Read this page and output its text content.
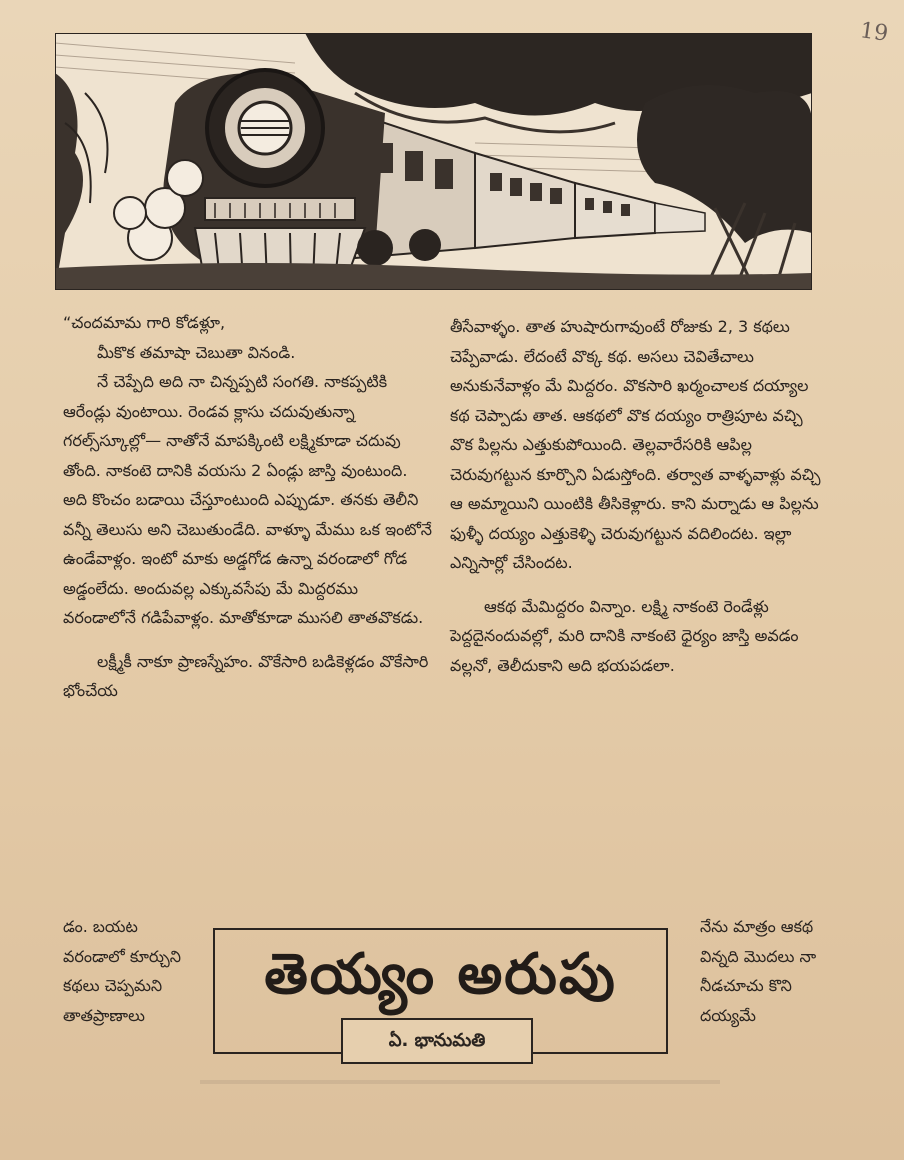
19

“చందమామ గారి కోడళ్లూ,

మీకొక తమాషా చెబుతా వినండి.

నే చెప్పేది అది నా చిన్నప్పటి సంగతి. నాకప్పటికి ఆరేండ్లు వుంటాయి. రెండవ క్లాసు చదువుతున్నా గరల్స్‌స్కూల్లో— నాతోనే మాపక్కింటి లక్ష్మికూడా చదువు తోంది. నాకంటె దానికి వయసు 2 ఏండ్లు జాస్తి వుంటుంది. అది కొంచం బడాయి చేస్తూంటుంది ఎప్పుడూ. తనకు తెలీని వన్నీ తెలుసు అని చెబుతుండేది. వాళ్ళూ మేము ఒక ఇంటోనే ఉండేవాళ్లం. ఇంటో మాకు అడ్డగోడ ఉన్నా వరండాలో గోడ అడ్డంలేదు. అందువల్ల ఎక్కువసేపు మే మిద్దరము వరండాలోనే గడిపేవాళ్లం. మాతోకూడా ముసలి తాతవొకడు.

లక్ష్మీకీ నాకూ ప్రాణస్నేహం. వొకేసారి బడికెళ్లడం వొకేసారి భోంచేయ

తీసేవాళ్ళం. తాత హుషారుగావుంటే రోజుకు 2, 3 కథలు చెప్పేవాడు. లేదంటే వొక్క కథ. అసలు చెవితేచాలు అనుకునేవాళ్లం మే మిద్దరం. వొకసారి ఖర్మంచాలక దయ్యాల కథ చెప్పాడు తాత. ఆకథలో వొక దయ్యం రాత్రిపూట వచ్చి వొక పిల్లను ఎత్తుకుపోయింది. తెల్లవారేసరికి ఆపిల్ల చెరువుగట్టున కూర్చొని ఏడుస్తోంది. తర్వాత వాళ్ళవాళ్లు వచ్చి ఆ అమ్మాయిని యింటికి తీసికెళ్లారు. కాని మర్నాడు ఆ పిల్లను ఫుళ్ళీ దయ్యం ఎత్తుకెళ్ళి చెరువుగట్టున వదిలిందట. ఇల్లా ఎన్నిసార్లో చేసిందట.

ఆకథ మేమిద్దరం విన్నాం. లక్ష్మి నాకంటె రెండేళ్లు పెద్దదైనందువల్లో, మరి దానికి నాకంటె ధైర్యం జాస్తి అవడం వల్లనో, తెలీదుకాని అది భయపడలా.

డం. బయట వరండాలో కూర్చుని కథలు చెప్పమని తాతప్రాణాలు

తెయ్యం అరుపు
ఏ. భానుమతి

నేను మాత్రం ఆకథ విన్నది మొదలు నా నీడచూచు కొని దయ్యమే
